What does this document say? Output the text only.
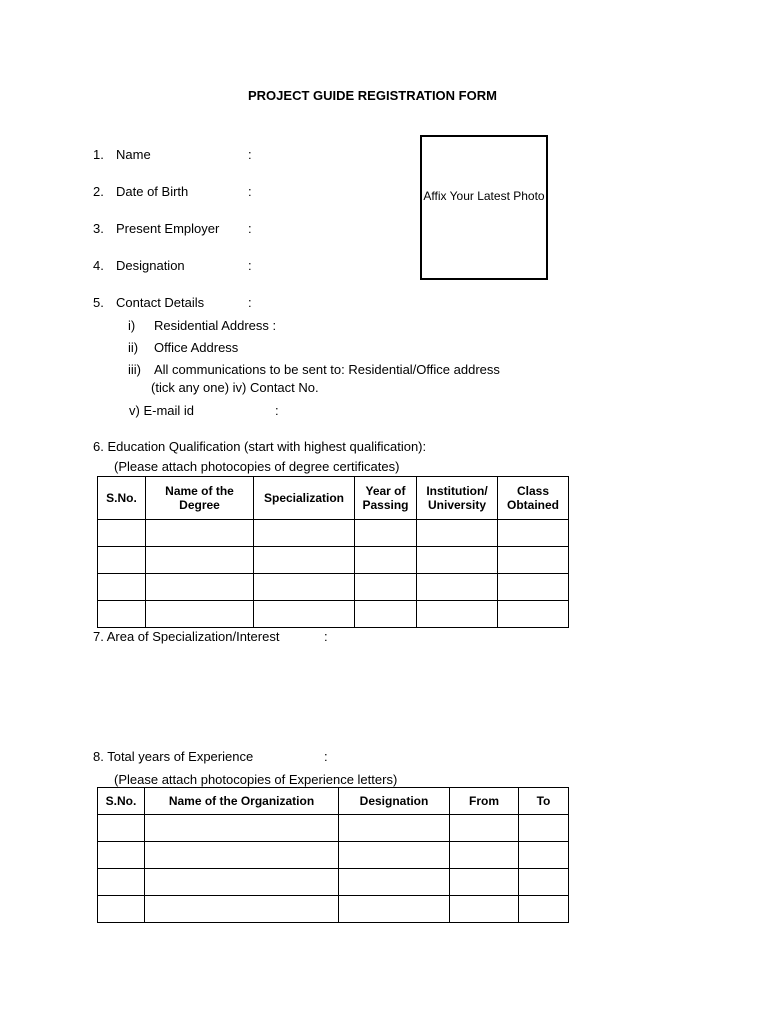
PROJECT GUIDE REGISTRATION FORM
1. Name	:
2. Date of Birth	:
3. Present Employer :
4. Designation	:
5. Contact Details	:
Affix Your Latest Photo
i) Residential Address :
ii) Office Address
iii) All communications to be sent to: Residential/Office address
(tick any one) iv) Contact No.
v) E-mail id	:
6. Education Qualification (start with highest qualification):
(Please attach photocopies of degree certificates)
S.No.	Name of the Degree	Specialization	Year of Passing	Institution/ University	Class Obtained

7. Area of Specialization/Interest	:
8. Total years of Experience	:
(Please attach photocopies of Experience letters)
S.No.	Name of the Organization	Designation	From	To
